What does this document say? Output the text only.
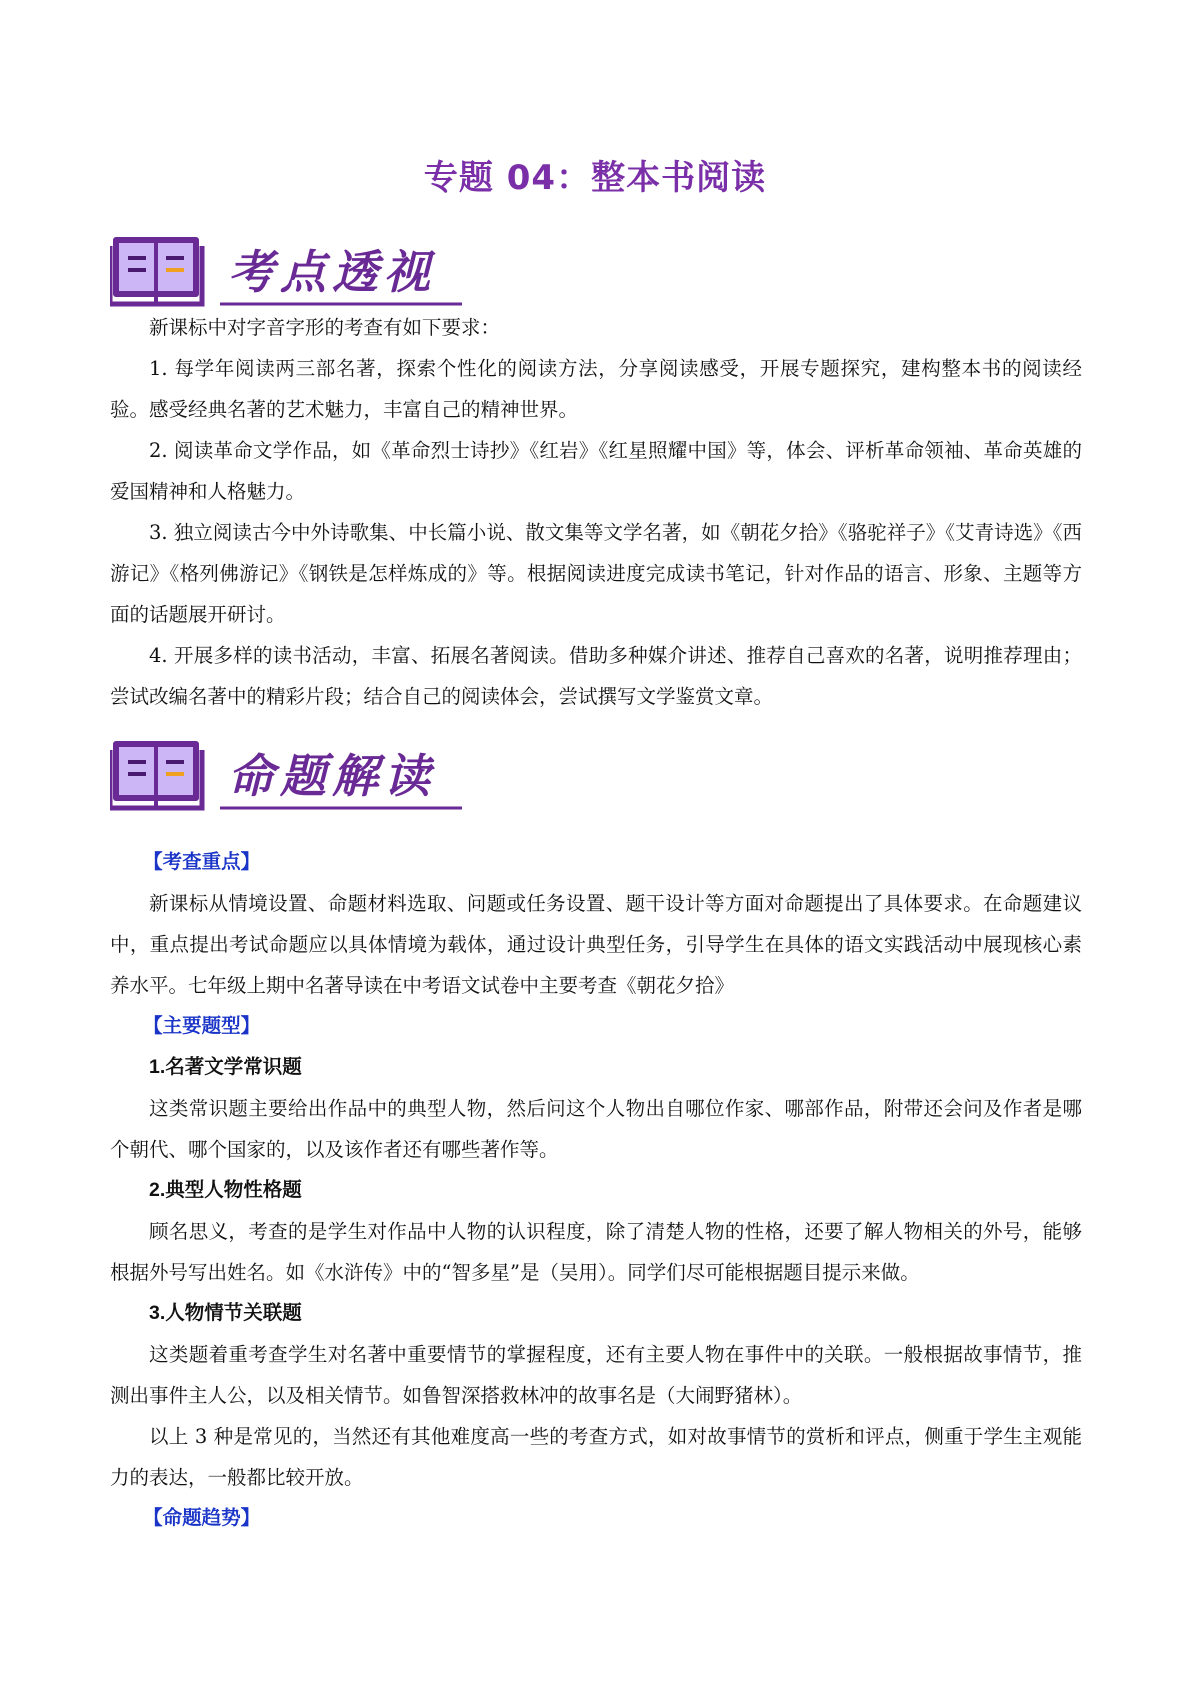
专题 04：整本书阅读
考点透视

新课标中对字音字形的考查有如下要求：

1. 每学年阅读两三部名著，探索个性化的阅读方法，分享阅读感受，开展专题探究，建构整本书的阅读经验。感受经典名著的艺术魅力，丰富自己的精神世界。

2. 阅读革命文学作品，如《革命烈士诗抄》《红岩》《红星照耀中国》等，体会、评析革命领袖、革命英雄的爱国精神和人格魅力。

3. 独立阅读古今中外诗歌集、中长篇小说、散文集等文学名著，如《朝花夕拾》《骆驼祥子》《艾青诗选》《西游记》《格列佛游记》《钢铁是怎样炼成的》等。根据阅读进度完成读书笔记，针对作品的语言、形象、主题等方面的话题展开研讨。

4. 开展多样的读书活动，丰富、拓展名著阅读。借助多种媒介讲述、推荐自己喜欢的名著，说明推荐理由；尝试改编名著中的精彩片段；结合自己的阅读体会，尝试撰写文学鉴赏文章。

命题解读

【考查重点】

新课标从情境设置、命题材料选取、问题或任务设置、题干设计等方面对命题提出了具体要求。在命题建议中，重点提出考试命题应以具体情境为载体，通过设计典型任务，引导学生在具体的语文实践活动中展现核心素养水平。七年级上期中名著导读在中考语文试卷中主要考查《朝花夕拾》

【主要题型】

1.名著文学常识题

这类常识题主要给出作品中的典型人物，然后问这个人物出自哪位作家、哪部作品，附带还会问及作者是哪个朝代、哪个国家的，以及该作者还有哪些著作等。

2.典型人物性格题

顾名思义，考查的是学生对作品中人物的认识程度，除了清楚人物的性格，还要了解人物相关的外号，能够根据外号写出姓名。如《水浒传》中的“智多星”是（吴用）。同学们尽可能根据题目提示来做。

3.人物情节关联题

这类题着重考查学生对名著中重要情节的掌握程度，还有主要人物在事件中的关联。一般根据故事情节，推测出事件主人公，以及相关情节。如鲁智深搭救林冲的故事名是（大闹野猪林）。

以上 3 种是常见的，当然还有其他难度高一些的考查方式，如对故事情节的赏析和评点，侧重于学生主观能力的表达，一般都比较开放。

【命题趋势】
